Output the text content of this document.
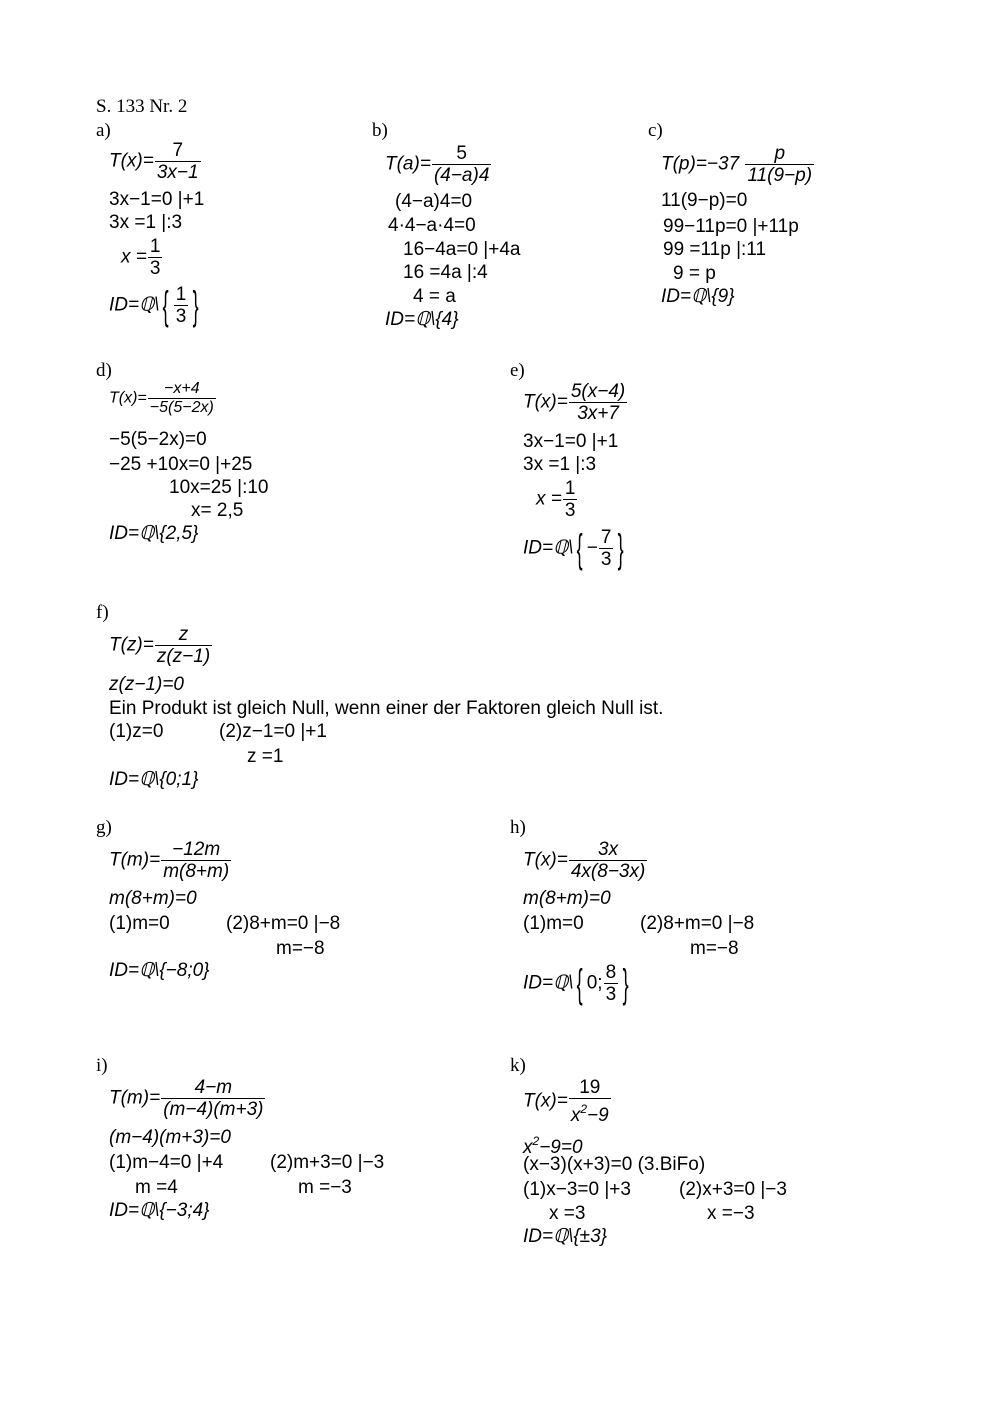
S. 133 Nr. 2
a)
$T(x)= \frac{7}{3x-1}$
3x−1=0 |+1
3x =1 |:3
$x = \frac{1}{3}$
ID=ℚ\{ $\frac{1}{3}$ }
b)
$T(a)= \frac{5}{(4-a)4}$
(4−a)4=0
4·4−a·4=0
16−4a=0 |+4a
16 =4a |:4
4 = a
ID=ℚ\{4}
c)
$T(p)=-37 \frac{p}{11(9-p)}$
11(9−p)=0
99−11p=0 |+11p
99 =11p |:11
9 = p
ID=ℚ\{9}
d)
$T(x)= \frac{-x+4}{-5(5-2x)}$
−5(5−2x)=0
−25 +10x=0 |+25
10x=25 |:10
x= 2,5
ID=ℚ\{2,5}
e)
$T(x)= \frac{5(x-4)}{3x+7}$
3x−1=0 |+1
3x =1 |:3
$x = \frac{1}{3}$
ID=ℚ\{ − $\frac{7}{3}$ }
f)
$T(z)= \frac{z}{z(z-1)}$
z(z−1)=0
Ein Produkt ist gleich Null, wenn einer der Faktoren gleich Null ist.
(1)z=0	(2)z−1=0 |+1
z =1
ID=ℚ\{0;1}
g)
$T(m)= \frac{-12m}{m(8+m)}$
m(8+m)=0
(1)m=0	(2)8+m=0 |−8
m=−8
ID=ℚ\{−8;0}
h)
$T(x)= \frac{3x}{4x(8-3x)}$
m(8+m)=0
(1)m=0	(2)8+m=0 |−8
m=−8
ID=ℚ\{ 0; $\frac{8}{3}$ }
i)
$T(m)= \frac{4-m}{(m-4)(m+3)}$
(m−4)(m+3)=0
(1)m−4=0 |+4 (2)m+3=0 |−3
m =4	m =−3
ID=ℚ\{−3;4}
k)
$T(x)= \frac{19}{x^2-9}$
$x^2-9=0$
(x−3)(x+3)=0 (3.BiFo)
(1)x−3=0 |+3	(2)x+3=0 |−3
x =3	x =−3
ID=ℚ\{±3}
